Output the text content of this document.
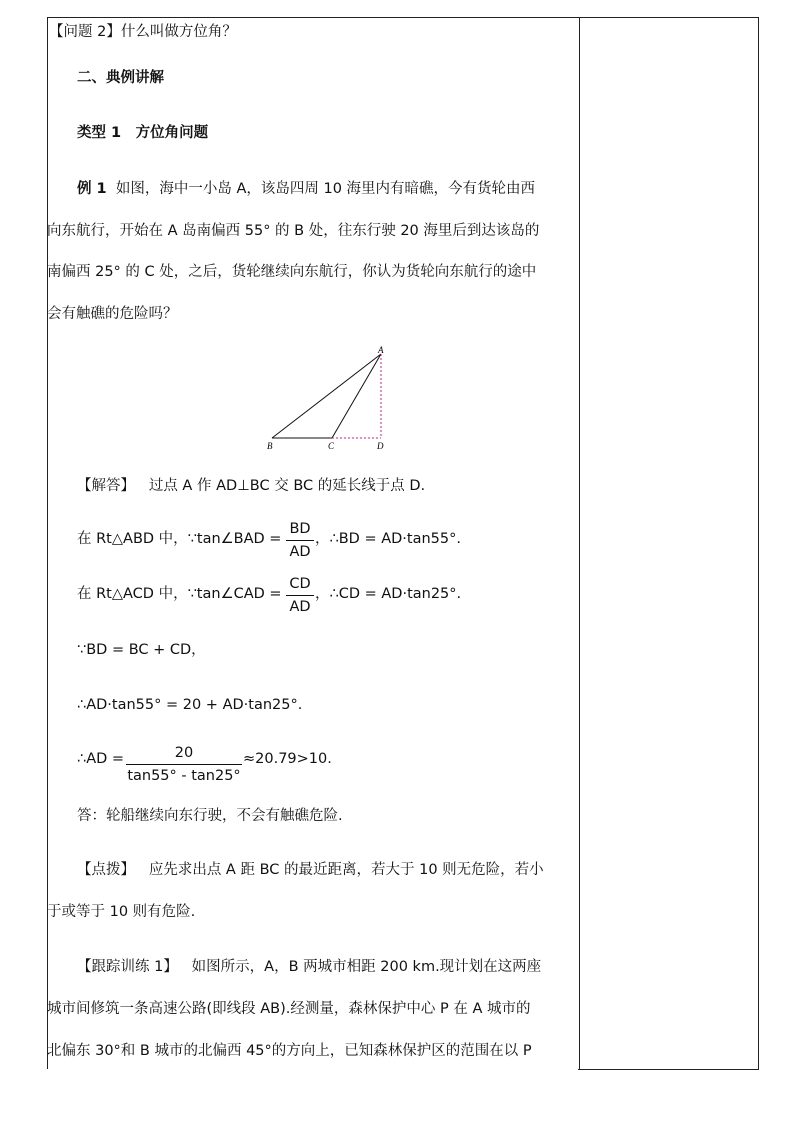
【问题 2】什么叫做方位角？
二、典例讲解
类型 1　方位角问题
例 1 如图，海中一小岛 A，该岛四周 10 海里内有暗礁，今有货轮由西
向东航行，开始在 A 岛南偏西 55° 的 B 处，往东行驶 20 海里后到达该岛的
南偏西 25° 的 C 处，之后，货轮继续向东航行，你认为货轮向东航行的途中
会有触礁的危险吗？
A
B	C	D
【解答】 过点 A 作 AD⊥BC 交 BC 的延长线于点 D.
在 Rt△ABD 中，∵tan∠BAD =
BD
AD
，∴BD = AD·tan55°.
在 Rt△ACD 中，∵tan∠CAD =
CD
AD
，∴CD = AD·tan25°.
∵BD = BC + CD，
∴AD·tan55° = 20 + AD·tan25°.
∴AD =	20
tan55° - tan25°
≈20.79>10.
答：轮船继续向东行驶，不会有触礁危险.
【点拨】 应先求出点 A 距 BC 的最近距离，若大于 10 则无危险，若小
于或等于 10 则有危险.
【跟踪训练 1】 如图所示，A，B 两城市相距 200 km.现计划在这两座
城市间修筑一条高速公路(即线段 AB).经测量，森林保护中心 P 在 A 城市的
北偏东 30°和 B 城市的北偏西 45°的方向上，已知森林保护区的范围在以 P
